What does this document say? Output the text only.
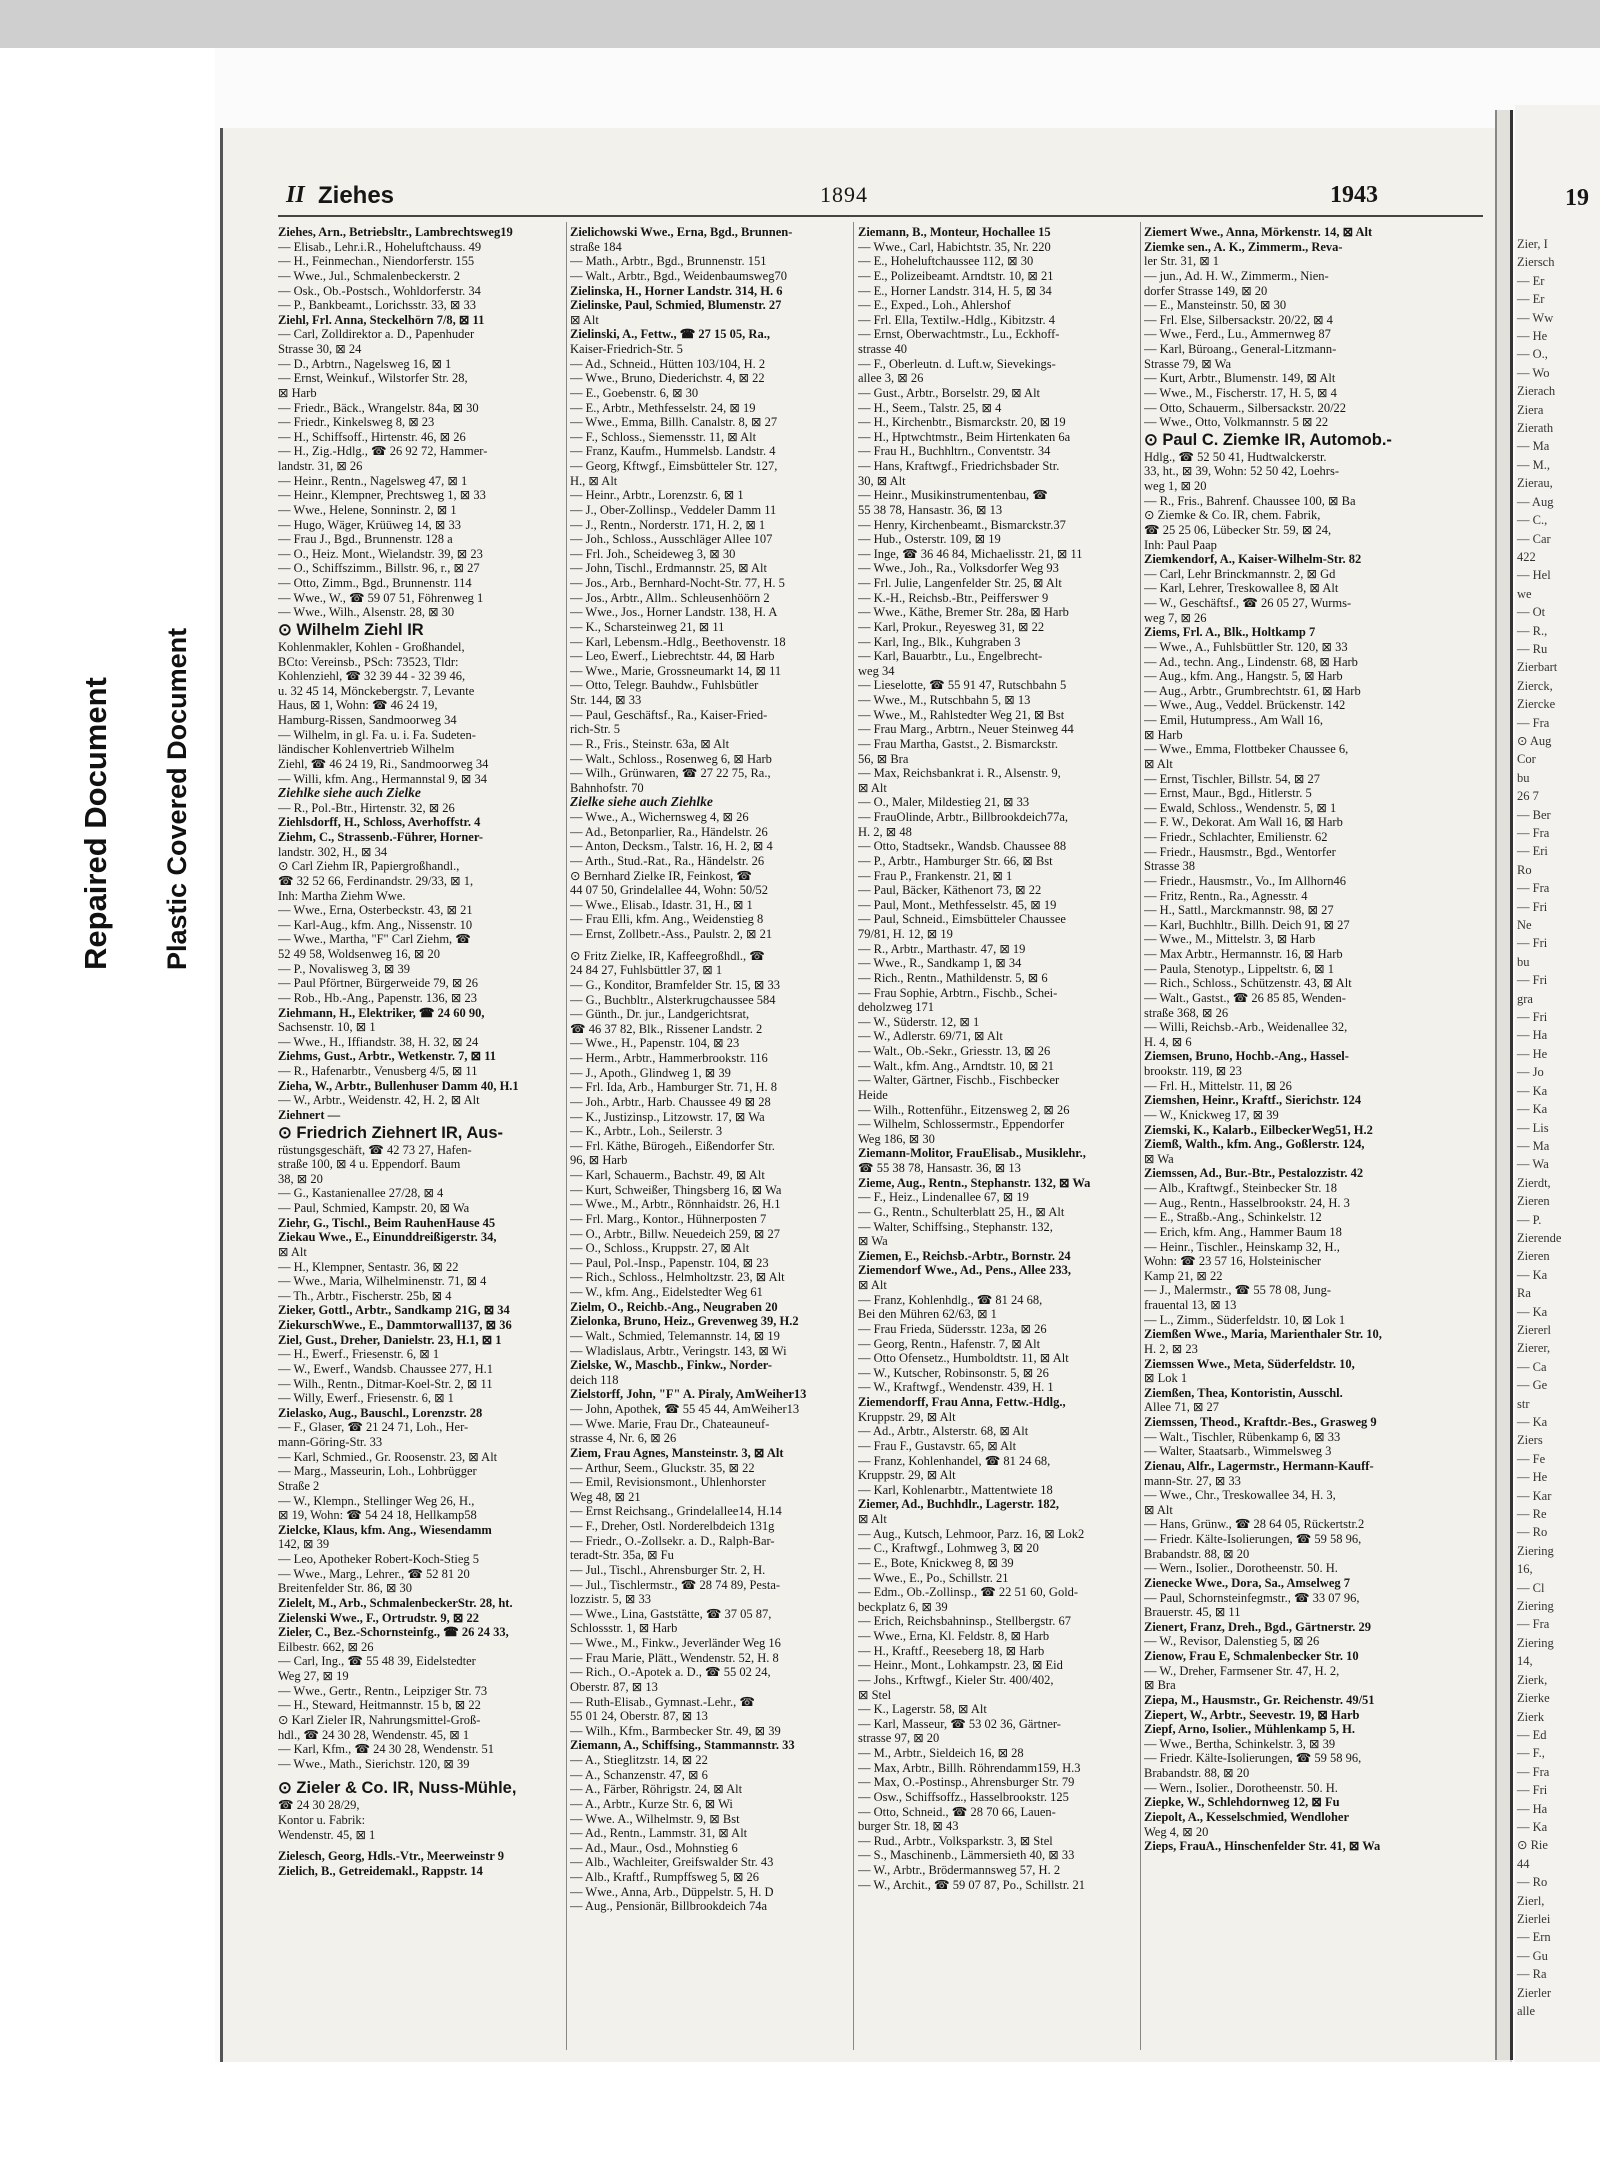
Repaired Document Plastic Covered Document
19
Zier, I
Ziersch
— Er
— Er
— Ww
— He
— O.,
— Wo
Zierach
Ziera
Zierath
— Ma
— M.,
Zierau,
— Aug
— C.,
— Car
422
— Hel
we
— Ot
— R.,
— Ru
Zierbart
Zierck,
Ziercke
— Fra
⊙ Aug
Cor
bu
26 7
— Ber
— Fra
— Eri
Ro
— Fra
— Fri
Ne
— Fri
bu
— Fri
gra
— Fri
— Ha
— He
— Jo
— Ka
— Ka
— Lis
— Ma
— Wa
Zierdt,
Zieren
— P.
Zierende
Zieren
— Ka
Ra
— Ka
Ziererl
Zierer,
— Ca
— Ge
str
— Ka
Ziers
— Fe
— He
— Kar
— Re
— Ro
Ziering
16,
— Cl
Ziering
— Fra
Ziering
14,
Zierk,
Zierke
Zierk
— Ed
— F.,
— Fra
— Fri
— Ha
— Ka
⊙ Rie
44
— Ro
Zierl,
Zierlei
— Ern
— Gu
— Ra
Zierler
alle
II Ziehes	1894	1943
Ziehes, Arn., Betriebsltr., Lambrechtsweg19
— Elisab., Lehr.i.R., Hoheluftchauss. 49
— H., Feinmechan., Niendorferstr. 155
— Wwe., Jul., Schmalenbeckerstr. 2
— Osk., Ob.-Postsch., Wohldorferstr. 34
— P., Bankbeamt., Lorichsstr. 33, ⊠ 33
Ziehl, Frl. Anna, Steckelhörn 7/8, ⊠ 11
— Carl, Zolldirektor a. D., Papenhuder
Strasse 30, ⊠ 24
— D., Arbtrn., Nagelsweg 16, ⊠ 1
— Ernst, Weinkuf., Wilstorfer Str. 28,
⊠ Harb
— Friedr., Bäck., Wrangelstr. 84a, ⊠ 30
— Friedr., Kinkelsweg 8, ⊠ 23
— H., Schiffsoff., Hirtenstr. 46, ⊠ 26
— H., Zig.-Hdlg., ☎ 26 92 72, Hammer-
landstr. 31, ⊠ 26
— Heinr., Rentn., Nagelsweg 47, ⊠ 1
— Heinr., Klempner, Prechtsweg 1, ⊠ 33
— Wwe., Helene, Sonninstr. 2, ⊠ 1
— Hugo, Wäger, Krüüweg 14, ⊠ 33
— Frau J., Bgd., Brunnenstr. 128 a
— O., Heiz. Mont., Wielandstr. 39, ⊠ 23
— O., Schiffszimm., Billstr. 96, r., ⊠ 27
— Otto, Zimm., Bgd., Brunnenstr. 114
— Wwe., W., ☎ 59 07 51, Föhrenweg 1
— Wwe., Wilh., Alsenstr. 28, ⊠ 30
⊙ Wilhelm Ziehl IR
Kohlenmakler, Kohlen - Großhandel,
BCto: Vereinsb., PSch: 73523, Tldr:
Kohlenziehl, ☎ 32 39 44 - 32 39 46,
u. 32 45 14, Mönckebergstr. 7, Levante
Haus, ⊠ 1, Wohn: ☎ 46 24 19,
Hamburg-Rissen, Sandmoorweg 34
— Wilhelm, in gl. Fa. u. i. Fa. Sudeten-
ländischer Kohlenvertrieb Wilhelm
Ziehl, ☎ 46 24 19, Ri., Sandmoorweg 34
— Willi, kfm. Ang., Hermannstal 9, ⊠ 34
Ziehlke siehe auch Zielke
— R., Pol.-Btr., Hirtenstr. 32, ⊠ 26
Ziehlsdorff, H., Schloss, Averhoffstr. 4
Ziehm, C., Strassenb.-Führer, Horner-
landstr. 302, H., ⊠ 34
⊙ Carl Ziehm IR, Papiergroßhandl.,
☎ 32 52 66, Ferdinandstr. 29/33, ⊠ 1,
Inh: Martha Ziehm Wwe.
— Wwe., Erna, Osterbeckstr. 43, ⊠ 21
— Karl-Aug., kfm. Ang., Nissenstr. 10
— Wwe., Martha, "F" Carl Ziehm, ☎
52 49 58, Woldsenweg 16, ⊠ 20
— P., Novalisweg 3, ⊠ 39
— Paul Pförtner, Bürgerweide 79, ⊠ 26
— Rob., Hb.-Ang., Papenstr. 136, ⊠ 23
Ziehmann, H., Elektriker, ☎ 24 60 90,
Sachsenstr. 10, ⊠ 1
— Wwe., H., Iffiandstr. 38, H. 32, ⊠ 24
Ziehms, Gust., Arbtr., Wetkenstr. 7, ⊠ 11
— R., Hafenarbtr., Venusberg 4/5, ⊠ 11
Zieha, W., Arbtr., Bullenhuser Damm 40, H.1
— W., Arbtr., Weidenstr. 42, H. 2, ⊠ Alt
Ziehnert —
⊙ Friedrich Ziehnert IR, Aus-
rüstungsgeschäft, ☎ 42 73 27, Hafen-
straße 100, ⊠ 4 u. Eppendorf. Baum
38, ⊠ 20
— G., Kastanienallee 27/28, ⊠ 4
— Paul, Schmied, Kampstr. 20, ⊠ Wa
Ziehr, G., Tischl., Beim RauhenHause 45
Ziekau Wwe., E., Einunddreißigerstr. 34,
⊠ Alt
— H., Klempner, Sentastr. 36, ⊠ 22
— Wwe., Maria, Wilhelminenstr. 71, ⊠ 4
— Th., Arbtr., Fischerstr. 25b, ⊠ 4
Zieker, Gottl., Arbtr., Sandkamp 21G, ⊠ 34
ZiekurschWwe., E., Dammtorwall137, ⊠ 36
Ziel, Gust., Dreher, Danielstr. 23, H.1, ⊠ 1
— H., Ewerf., Friesenstr. 6, ⊠ 1
— W., Ewerf., Wandsb. Chaussee 277, H.1
— Wilh., Rentn., Ditmar-Koel-Str. 2, ⊠ 11
— Willy, Ewerf., Friesenstr. 6, ⊠ 1
Zielasko, Aug., Bauschl., Lorenzstr. 28
— F., Glaser, ☎ 21 24 71, Loh., Her-
mann-Göring-Str. 33
— Karl, Schmied., Gr. Roosenstr. 23, ⊠ Alt
— Marg., Masseurin, Loh., Lohbrügger
Straße 2
— W., Klempn., Stellinger Weg 26, H.,
⊠ 19, Wohn: ☎ 54 24 18, Hellkamp58
Zielcke, Klaus, kfm. Ang., Wiesendamm
142, ⊠ 39
— Leo, Apotheker Robert-Koch-Stieg 5
— Wwe., Marg., Lehrer., ☎ 52 81 20
Breitenfelder Str. 86, ⊠ 30
Zielelt, M., Arb., SchmalenbeckerStr. 28, ht.
Zielenski Wwe., F., Ortrudstr. 9, ⊠ 22
Zieler, C., Bez.-Schornsteinfg., ☎ 26 24 33,
Eilbestr. 662, ⊠ 26
— Carl, Ing., ☎ 55 48 39, Eidelstedter
Weg 27, ⊠ 19
— Wwe., Gertr., Rentn., Leipziger Str. 73
— H., Steward, Heitmannstr. 15 b, ⊠ 22
⊙ Karl Zieler IR, Nahrungsmittel-Groß-
hdl., ☎ 24 30 28, Wendenstr. 45, ⊠ 1
— Karl, Kfm., ☎ 24 30 28, Wendenstr. 51
— Wwe., Math., Sierichstr. 120, ⊠ 39
⊙ Zieler & Co. IR, Nuss-Mühle,
☎ 24 30 28/29,
Kontor u. Fabrik:
Wendenstr. 45, ⊠ 1
Zielesch, Georg, Hdls.-Vtr., Meerweinstr 9
Zielich, B., Getreidemakl., Rappstr. 14
Zielichowski Wwe., Erna, Bgd., Brunnen-
straße 184
— Math., Arbtr., Bgd., Brunnenstr. 151
— Walt., Arbtr., Bgd., Weidenbaumsweg70
Zielinska, H., Horner Landstr. 314, H. 6
Zielinske, Paul, Schmied, Blumenstr. 27
⊠ Alt
Zielinski, A., Fettw., ☎ 27 15 05, Ra.,
Kaiser-Friedrich-Str. 5
— Ad., Schneid., Hütten 103/104, H. 2
— Wwe., Bruno, Diederichstr. 4, ⊠ 22
— E., Goebenstr. 6, ⊠ 30
— E., Arbtr., Methfesselstr. 24, ⊠ 19
— Wwe., Emma, Billh. Canalstr. 8, ⊠ 27
— F., Schloss., Siemensstr. 11, ⊠ Alt
— Franz, Kaufm., Hummelsb. Landstr. 4
— Georg, Kftwgf., Eimsbütteler Str. 127,
H., ⊠ Alt
— Heinr., Arbtr., Lorenzstr. 6, ⊠ 1
— J., Ober-Zollinsp., Veddeler Damm 11
— J., Rentn., Norderstr. 171, H. 2, ⊠ 1
— Joh., Schloss., Ausschläger Allee 107
— Frl. Joh., Scheideweg 3, ⊠ 30
— John, Tischl., Erdmannstr. 25, ⊠ Alt
— Jos., Arb., Bernhard-Nocht-Str. 77, H. 5
— Jos., Arbtr., Allm.. Schleusenhöörn 2
— Wwe., Jos., Horner Landstr. 138, H. A
— K., Scharsteinweg 21, ⊠ 11
— Karl, Lebensm.-Hdlg., Beethovenstr. 18
— Leo, Ewerf., Liebrechtstr. 44, ⊠ Harb
— Wwe., Marie, Grossneumarkt 14, ⊠ 11
— Otto, Telegr. Bauhdw., Fuhlsbütler
Str. 144, ⊠ 33
— Paul, Geschäftsf., Ra., Kaiser-Fried-
rich-Str. 5
— R., Fris., Steinstr. 63a, ⊠ Alt
— Walt., Schloss., Rosenweg 6, ⊠ Harb
— Wilh., Grünwaren, ☎ 27 22 75, Ra.,
Bahnhofstr. 70
Zielke siehe auch Ziehlke
— Wwe., A., Wichernsweg 4, ⊠ 26
— Ad., Betonparlier, Ra., Händelstr. 26
— Anton, Decksm., Talstr. 16, H. 2, ⊠ 4
— Arth., Stud.-Rat., Ra., Händelstr. 26
⊙ Bernhard Zielke IR, Feinkost, ☎
44 07 50, Grindelallee 44, Wohn: 50/52
— Wwe., Elisab., Idastr. 31, H., ⊠ 1
— Frau Elli, kfm. Ang., Weidenstieg 8
— Ernst, Zollbetr.-Ass., Paulstr. 2, ⊠ 21
⊙ Fritz Zielke, IR, Kaffeegroßhdl., ☎
24 84 27, Fuhlsbüttler 37, ⊠ 1
— G., Konditor, Bramfelder Str. 15, ⊠ 33
— G., Buchbltr., Alsterkrugchaussee 584
— Günth., Dr. jur., Landgerichtsrat,
☎ 46 37 82, Blk., Rissener Landstr. 2
— Wwe., H., Papenstr. 104, ⊠ 23
— Herm., Arbtr., Hammerbrookstr. 116
— J., Apoth., Glindweg 1, ⊠ 39
— Frl. Ida, Arb., Hamburger Str. 71, H. 8
— Joh., Arbtr., Harb. Chaussee 49 ⊠ 28
— K., Justizinsp., Litzowstr. 17, ⊠ Wa
— K., Arbtr., Loh., Seilerstr. 3
— Frl. Käthe, Bürogeh., Eißendorfer Str.
96, ⊠ Harb
— Karl, Schauerm., Bachstr. 49, ⊠ Alt
— Kurt, Schweißer, Thingsberg 16, ⊠ Wa
— Wwe., M., Arbtr., Rönnhaidstr. 26, H.1
— Frl. Marg., Kontor., Hühnerposten 7
— O., Arbtr., Billw. Neuedeich 259, ⊠ 27
— O., Schloss., Kruppstr. 27, ⊠ Alt
— Paul, Pol.-Insp., Papenstr. 104, ⊠ 23
— Rich., Schloss., Helmholtzstr. 23, ⊠ Alt
— W., kfm. Ang., Eidelstedter Weg 61
Zielm, O., Reichb.-Ang., Neugraben 20
Zielonka, Bruno, Heiz., Grevenweg 39, H.2
— Walt., Schmied, Telemannstr. 14, ⊠ 19
— Wladislaus, Arbtr., Veringstr. 143, ⊠ Wi
Zielske, W., Maschb., Finkw., Norder-
deich 118
Zielstorff, John, "F" A. Piraly, AmWeiher13
— John, Apothek, ☎ 55 45 44, AmWeiher13
— Wwe. Marie, Frau Dr., Chateauneuf-
strasse 4, Nr. 6, ⊠ 26
Ziem, Frau Agnes, Mansteinstr. 3, ⊠ Alt
— Arthur, Seem., Gluckstr. 35, ⊠ 22
— Emil, Revisionsmont., Uhlenhorster
Weg 48, ⊠ 21
— Ernst Reichsang., Grindelallee14, H.14
— F., Dreher, Ostl. Norderelbdeich 131g
— Friedr., O.-Zollsekr. a. D., Ralph-Bar-
teradt-Str. 35a, ⊠ Fu
— Jul., Tischl., Ahrensburger Str. 2, H.
— Jul., Tischlermstr., ☎ 28 74 89, Pesta-
lozzistr. 5, ⊠ 33
— Wwe., Lina, Gaststätte, ☎ 37 05 87,
Schlossstr. 1, ⊠ Harb
— Wwe., M., Finkw., Jeverländer Weg 16
— Frau Marie, Plätt., Wendenstr. 52, H. 8
— Rich., O.-Apotek a. D., ☎ 55 02 24,
Oberstr. 87, ⊠ 13
— Ruth-Elisab., Gymnast.-Lehr., ☎
55 01 24, Oberstr. 87, ⊠ 13
— Wilh., Kfm., Barmbecker Str. 49, ⊠ 39
Ziemann, A., Schiffsing., Stammannstr. 33
— A., Stieglitzstr. 14, ⊠ 22
— A., Schanzenstr. 47, ⊠ 6
— A., Färber, Röhrigstr. 24, ⊠ Alt
— A., Arbtr., Kurze Str. 6, ⊠ Wi
— Wwe. A., Wilhelmstr. 9, ⊠ Bst
— Ad., Rentn., Lammstr. 31, ⊠ Alt
— Ad., Maur., Osd., Mohnstieg 6
— Alb., Wachleiter, Greifswalder Str. 43
— Alb., Kraftf., Rumpffsweg 5, ⊠ 26
— Wwe., Anna, Arb., Düppelstr. 5, H. D
— Aug., Pensionär, Billbrookdeich 74a
Ziemann, B., Monteur, Hochallee 15
— Wwe., Carl, Habichtstr. 35, Nr. 220
— E., Hoheluftchaussee 112, ⊠ 30
— E., Polizeibeamt. Arndtstr. 10, ⊠ 21
— E., Horner Landstr. 314, H. 5, ⊠ 34
— E., Exped., Loh., Ahlershof
— Frl. Ella, Textilw.-Hdlg., Kibitzstr. 4
— Ernst, Oberwachtmstr., Lu., Eckhoff-
strasse 40
— F., Oberleutn. d. Luft.w, Sievekings-
allee 3, ⊠ 26
— Gust., Arbtr., Borselstr. 29, ⊠ Alt
— H., Seem., Talstr. 25, ⊠ 4
— H., Kirchenbtr., Bismarckstr. 20, ⊠ 19
— H., Hptwchtmstr., Beim Hirtenkaten 6a
— Frau H., Buchhltrn., Conventstr. 34
— Hans, Kraftwgf., Friedrichsbader Str.
30, ⊠ Alt
— Heinr., Musikinstrumentenbau, ☎
55 38 78, Hansastr. 36, ⊠ 13
— Henry, Kirchenbeamt., Bismarckstr.37
— Hub., Osterstr. 109, ⊠ 19
— Inge, ☎ 36 46 84, Michaelisstr. 21, ⊠ 11
— Wwe., Joh., Ra., Volksdorfer Weg 93
— Frl. Julie, Langenfelder Str. 25, ⊠ Alt
— K.-H., Reichsb.-Btr., Peifferswег 9
— Wwe., Käthe, Bremer Str. 28a, ⊠ Harb
— Karl, Prokur., Reyesweg 31, ⊠ 22
— Karl, Ing., Blk., Kuhgraben 3
— Karl, Bauarbtr., Lu., Engelbrecht-
weg 34
— Lieselotte, ☎ 55 91 47, Rutschbahn 5
— Wwe., M., Rutschbahn 5, ⊠ 13
— Wwe., M., Rahlstedter Weg 21, ⊠ Bst
— Frau Marg., Arbtrn., Neuer Steinweg 44
— Frau Martha, Gastst., 2. Bismarckstr.
56, ⊠ Bra
— Max, Reichsbankrat i. R., Alsenstr. 9,
⊠ Alt
— O., Maler, Mildestieg 21, ⊠ 33
— FrauOlinde, Arbtr., Billbrookdeich77a,
H. 2, ⊠ 48
— Otto, Stadtsekr., Wandsb. Chaussee 88
— P., Arbtr., Hamburger Str. 66, ⊠ Bst
— Frau P., Frankenstr. 21, ⊠ 1
— Paul, Bäcker, Käthenort 73, ⊠ 22
— Paul, Mont., Methfesselstr. 45, ⊠ 19
— Paul, Schneid., Eimsbütteler Chaussee
79/81, H. 12, ⊠ 19
— R., Arbtr., Marthastr. 47, ⊠ 19
— Wwe., R., Sandkamp 1, ⊠ 34
— Rich., Rentn., Mathildenstr. 5, ⊠ 6
— Frau Sophie, Arbtrn., Fischb., Schei-
deholzweg 171
— W., Süderstr. 12, ⊠ 1
— W., Adlerstr. 69/71, ⊠ Alt
— Walt., Ob.-Sekr., Griesstr. 13, ⊠ 26
— Walt., kfm. Ang., Arndtstr. 10, ⊠ 21
— Walter, Gärtner, Fischb., Fischbecker
Heide
— Wilh., Rottenführ., Eitzensweg 2, ⊠ 26
— Wilhelm, Schlossermstr., Eppendorfer
Weg 186, ⊠ 30
Ziemann-Molitor, FrauElisab., Musiklehr.,
☎ 55 38 78, Hansastr. 36, ⊠ 13
Zieme, Aug., Rentn., Stephanstr. 132, ⊠ Wa
— F., Heiz., Lindenallee 67, ⊠ 19
— G., Rentn., Schulterblatt 25, H., ⊠ Alt
— Walter, Schiffsing., Stephanstr. 132,
⊠ Wa
Ziemen, E., Reichsb.-Arbtr., Bornstr. 24
Ziemendorf Wwe., Ad., Pens., Allee 233,
⊠ Alt
— Franz, Kohlenhdlg., ☎ 81 24 68,
Bei den Mühren 62/63, ⊠ 1
— Frau Frieda, Südersstr. 123a, ⊠ 26
— Georg, Rentn., Hafenstr. 7, ⊠ Alt
— Otto Ofensetz., Humboldtstr. 11, ⊠ Alt
— W., Kutscher, Robinsonstr. 5, ⊠ 26
— W., Kraftwgf., Wendenstr. 439, H. 1
Ziemendorff, Frau Anna, Fettw.-Hdlg.,
Kruppstr. 29, ⊠ Alt
— Ad., Arbtr., Alsterstr. 68, ⊠ Alt
— Frau F., Gustavstr. 65, ⊠ Alt
— Franz, Kohlenhandel, ☎ 81 24 68,
Kruppstr. 29, ⊠ Alt
— Karl, Kohlenarbtr., Mattentwiete 18
Ziemer, Ad., Buchhdlr., Lagerstr. 182,
⊠ Alt
— Aug., Kutsch, Lehmoor, Parz. 16, ⊠ Lok2
— C., Kraftwgf., Lohmweg 3, ⊠ 20
— E., Bote, Knickweg 8, ⊠ 39
— Wwe., E., Po., Schillstr. 21
— Edm., Ob.-Zollinsp., ☎ 22 51 60, Gold-
beckplatz 6, ⊠ 39
— Erich, Reichsbahninsp., Stellbergstr. 67
— Wwe., Erna, Kl. Feldstr. 8, ⊠ Harb
— H., Kraftf., Reeseberg 18, ⊠ Harb
— Heinr., Mont., Lohkampstr. 23, ⊠ Eid
— Johs., Krftwgf., Kieler Str. 400/402,
⊠ Stel
— K., Lagerstr. 58, ⊠ Alt
— Karl, Masseur, ☎ 53 02 36, Gärtner-
strasse 97, ⊠ 20
— M., Arbtr., Sieldeich 16, ⊠ 28
— Max, Arbtr., Billh. Röhrendamm159, H.3
— Max, O.-Postinsp., Ahrensburger Str. 79
— Osw., Schiffsoffz., Hasselbrookstr. 125
— Otto, Schneid., ☎ 28 70 66, Lauen-
burger Str. 18, ⊠ 43
— Rud., Arbtr., Volksparkstr. 3, ⊠ Stel
— S., Maschinenb., Lämmersieth 40, ⊠ 33
— W., Arbtr., Brödermannsweg 57, H. 2
— W., Archit., ☎ 59 07 87, Po., Schillstr. 21
Ziemert Wwe., Anna, Mörkenstr. 14, ⊠ Alt
Ziemke sen., A. K., Zimmerm., Reva-
ler Str. 31, ⊠ 1
— jun., Ad. H. W., Zimmerm., Nien-
dorfer Strasse 149, ⊠ 20
— E., Mansteinstr. 50, ⊠ 30
— Frl. Else, Silbersackstr. 20/22, ⊠ 4
— Wwe., Ferd., Lu., Ammernweg 87
— Karl, Büroang., General-Litzmann-
Strasse 79, ⊠ Wa
— Kurt, Arbtr., Blumenstr. 149, ⊠ Alt
— Wwe., M., Fischerstr. 17, H. 5, ⊠ 4
— Otto, Schauerm., Silbersackstr. 20/22
— Wwe., Otto, Volkmannstr. 5 ⊠ 22
⊙ Paul C. Ziemke IR, Automob.-
Hdlg., ☎ 52 50 41, Hudtwalckerstr.
33, ht., ⊠ 39, Wohn: 52 50 42, Loehrs-
weg 1, ⊠ 20
— R., Fris., Bahrenf. Chaussee 100, ⊠ Ba
⊙ Ziemke & Co. IR, chem. Fabrik,
☎ 25 25 06, Lübecker Str. 59, ⊠ 24,
Inh: Paul Paap
Ziemkendorf, A., Kaiser-Wilhelm-Str. 82
— Carl, Lehr Brinckmannstr. 2, ⊠ Gd
— Karl, Lehrer, Treskowallee 8, ⊠ Alt
— W., Geschäftsf., ☎ 26 05 27, Wurms-
weg 7, ⊠ 26
Ziems, Frl. A., Blk., Holtkamp 7
— Wwe., A., Fuhlsbüttler Str. 120, ⊠ 33
— Ad., techn. Ang., Lindenstr. 68, ⊠ Harb
— Aug., kfm. Ang., Hangstr. 5, ⊠ Harb
— Aug., Arbtr., Grumbrechtstr. 61, ⊠ Harb
— Wwe., Aug., Veddel. Brückenstr. 142
— Emil, Hutumpress., Am Wall 16,
⊠ Harb
— Wwe., Emma, Flottbeker Chaussee 6,
⊠ Alt
— Ernst, Tischler, Billstr. 54, ⊠ 27
— Ernst, Maur., Bgd., Hitlerstr. 5
— Ewald, Schloss., Wendenstr. 5, ⊠ 1
— F. W., Dekorat. Am Wall 16, ⊠ Harb
— Friedr., Schlachter, Emilienstr. 62
— Friedr., Hausmstr., Bgd., Wentorfer
Strasse 38
— Friedr., Hausmstr., Vo., Im Allhorn46
— Fritz, Rentn., Ra., Agnesstr. 4
— H., Sattl., Marckmannstr. 98, ⊠ 27
— Karl, Buchhltr., Billh. Deich 91, ⊠ 27
— Wwe., M., Mittelstr. 3, ⊠ Harb
— Max Arbtr., Hermannstr. 16, ⊠ Harb
— Paula, Stenotyp., Lippeltstr. 6, ⊠ 1
— Rich., Schloss., Schützenstr. 43, ⊠ Alt
— Walt., Gastst., ☎ 26 85 85, Wenden-
straße 368, ⊠ 26
— Willi, Reichsb.-Arb., Weidenallee 32,
H. 4, ⊠ 6
Ziemsen, Bruno, Hochb.-Ang., Hassel-
brookstr. 119, ⊠ 23
— Frl. H., Mittelstr. 11, ⊠ 26
Ziemshen, Heinr., Kraftf., Sierichstr. 124
— W., Knickweg 17, ⊠ 39
Ziemski, K., Kalarb., EilbeckerWeg51, H.2
Ziemß, Walth., kfm. Ang., Goßlerstr. 124,
⊠ Wa
Ziemssen, Ad., Bur.-Btr., Pestalozzistr. 42
— Alb., Kraftwgf., Steinbecker Str. 18
— Aug., Rentn., Hasselbrookstr. 24, H. 3
— E., Straßb.-Ang., Schinkelstr. 12
— Erich, kfm. Ang., Hammer Baum 18
— Heinr., Tischler., Heinskamp 32, H.,
Wohn: ☎ 23 57 16, Holsteinischer
Kamp 21, ⊠ 22
— J., Malermstr., ☎ 55 78 08, Jung-
frauental 13, ⊠ 13
— L., Zimm., Süderfeldstr. 10, ⊠ Lok 1
Ziemßen Wwe., Maria, Marienthaler Str. 10,
H. 2, ⊠ 23
Ziemssen Wwe., Meta, Süderfeldstr. 10,
⊠ Lok 1
Ziemßen, Thea, Kontoristin, Ausschl.
Allee 71, ⊠ 27
Ziemssen, Theod., Kraftdr.-Bes., Grasweg 9
— Walt., Tischler, Rübenkamp 6, ⊠ 33
— Walter, Staatsarb., Wimmelsweg 3
Zienau, Alfr., Lagermstr., Hermann-Kauff-
mann-Str. 27, ⊠ 33
— Wwe., Chr., Treskowallee 34, H. 3,
⊠ Alt
— Hans, Grünw., ☎ 28 64 05, Rückertstr.2
— Friedr. Kälte-Isolierungen, ☎ 59 58 96,
Brabandstr. 88, ⊠ 20
— Wern., Isolier., Dorotheenstr. 50. H.
Zienecke Wwe., Dora, Sa., Amselweg 7
— Paul, Schornsteinfegmstr., ☎ 33 07 96,
Brauerstr. 45, ⊠ 11
Zienert, Franz, Dreh., Bgd., Gärtnerstr. 29
— W., Revisor, Dalenstieg 5, ⊠ 26
Zienow, Frau E, Schmalenbecker Str. 10
— W., Dreher, Farmsener Str. 47, H. 2,
⊠ Bra
Ziepa, M., Hausmstr., Gr. Reichenstr. 49/51
Ziepert, W., Arbtr., Seevestr. 19, ⊠ Harb
Ziepf, Arno, Isolier., Mühlenkamp 5, H.
— Wwe., Bertha, Schinkelstr. 3, ⊠ 39
— Friedr. Kälte-Isolierungen, ☎ 59 58 96,
Brabandstr. 88, ⊠ 20
— Wern., Isolier., Dorotheenstr. 50. H.
Ziepke, W., Schlehdornweg 12, ⊠ Fu
Ziepolt, A., Kesselschmied, Wendloher
Weg 4, ⊠ 20
Zieps, FrauA., Hinschenfelder Str. 41, ⊠ Wa
